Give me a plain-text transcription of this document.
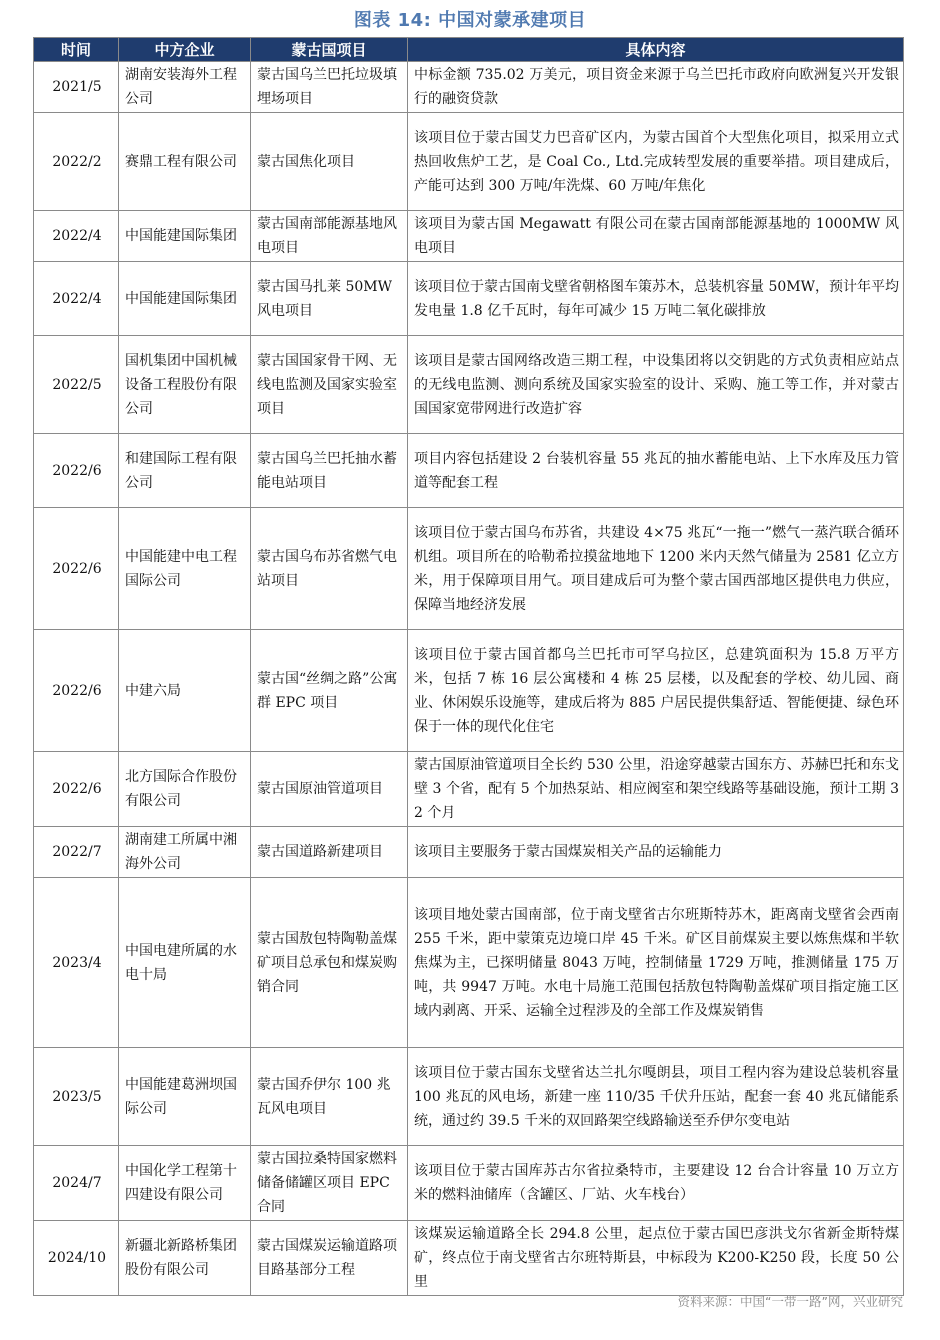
图表 14: 中国对蒙承建项目
时间	中方企业	蒙古国项目	具体内容
2021/5	湖南安装海外工程公司	蒙古国乌兰巴托垃圾填埋场项目	中标金额 735.02 万美元，项目资金来源于乌兰巴托市政府向欧洲复兴开发银行的融资贷款
2022/2	赛鼎工程有限公司	蒙古国焦化项目	该项目位于蒙古国艾力巴音矿区内，为蒙古国首个大型焦化项目，拟采用立式热回收焦炉工艺，是 Coal Co., Ltd.完成转型发展的重要举措。项目建成后，产能可达到 300 万吨/年洗煤、60 万吨/年焦化
2022/4	中国能建国际集团	蒙古国南部能源基地风电项目	该项目为蒙古国 Megawatt 有限公司在蒙古国南部能源基地的 1000MW 风电项目
2022/4	中国能建国际集团	蒙古国马扎莱 50MW 风电项目	该项目位于蒙古国南戈壁省朝格图车策苏木，总装机容量 50MW，预计年平均发电量 1.8 亿千瓦时，每年可减少 15 万吨二氧化碳排放
2022/5	国机集团中国机械设备工程股份有限公司	蒙古国国家骨干网、无线电监测及国家实验室项目	该项目是蒙古国网络改造三期工程，中设集团将以交钥匙的方式负责相应站点的无线电监测、测向系统及国家实验室的设计、采购、施工等工作，并对蒙古国国家宽带网进行改造扩容
2022/6	和建国际工程有限公司	蒙古国乌兰巴托抽水蓄能电站项目	项目内容包括建设 2 台装机容量 55 兆瓦的抽水蓄能电站、上下水库及压力管道等配套工程
2022/6	中国能建中电工程国际公司	蒙古国乌布苏省燃气电站项目	该项目位于蒙古国乌布苏省，共建设 4×75 兆瓦“一拖一”燃气一蒸汽联合循环机组。项目所在的哈勒希拉摸盆地地下 1200 米内天然气储量为 2581 亿立方米，用于保障项目用气。项目建成后可为整个蒙古国西部地区提供电力供应，保障当地经济发展
2022/6	中建六局	蒙古国“丝绸之路”公寓群 EPC 项目	该项目位于蒙古国首都乌兰巴托市可罕乌拉区，总建筑面积为 15.8 万平方米，包括 7 栋 16 层公寓楼和 4 栋 25 层楼，以及配套的学校、幼儿园、商业、休闲娱乐设施等，建成后将为 885 户居民提供集舒适、智能便捷、绿色环保于一体的现代化住宅
2022/6	北方国际合作股份有限公司	蒙古国原油管道项目	蒙古国原油管道项目全长约 530 公里，沿途穿越蒙古国东方、苏赫巴托和东戈壁 3 个省，配有 5 个加热泵站、相应阀室和架空线路等基础设施，预计工期 32 个月
2022/7	湖南建工所属中湘海外公司	蒙古国道路新建项目	该项目主要服务于蒙古国煤炭相关产品的运输能力
2023/4	中国电建所属的水电十局	蒙古国敖包特陶勒盖煤矿项目总承包和煤炭购销合同	该项目地处蒙古国南部，位于南戈壁省古尔班斯特苏木，距离南戈壁省会西南 255 千米，距中蒙策克边境口岸 45 千米。矿区目前煤炭主要以炼焦煤和半软焦煤为主，已探明储量 8043 万吨，控制储量 1729 万吨，推测储量 175 万吨，共 9947 万吨。水电十局施工范围包括敖包特陶勒盖煤矿项目指定施工区域内剥离、开采、运输全过程涉及的全部工作及煤炭销售
2023/5	中国能建葛洲坝国际公司	蒙古国乔伊尔 100 兆瓦风电项目	该项目位于蒙古国东戈壁省达兰扎尔嘎朗县，项目工程内容为建设总装机容量 100 兆瓦的风电场，新建一座 110/35 千伏升压站，配套一套 40 兆瓦储能系统，通过约 39.5 千米的双回路架空线路输送至乔伊尔变电站
2024/7	中国化学工程第十四建设有限公司	蒙古国拉桑特国家燃料储备储罐区项目 EPC 合同	该项目位于蒙古国库苏古尔省拉桑特市，主要建设 12 台合计容量 10 万立方米的燃料油储库（含罐区、厂站、火车栈台）
2024/10	新疆北新路桥集团股份有限公司	蒙古国煤炭运输道路项目路基部分工程	该煤炭运输道路全长 294.8 公里，起点位于蒙古国巴彦洪戈尔省新金斯特煤矿，终点位于南戈壁省古尔班特斯县，中标段为 K200-K250 段，长度 50 公里
资料来源：中国“一带一路”网，兴业研究
